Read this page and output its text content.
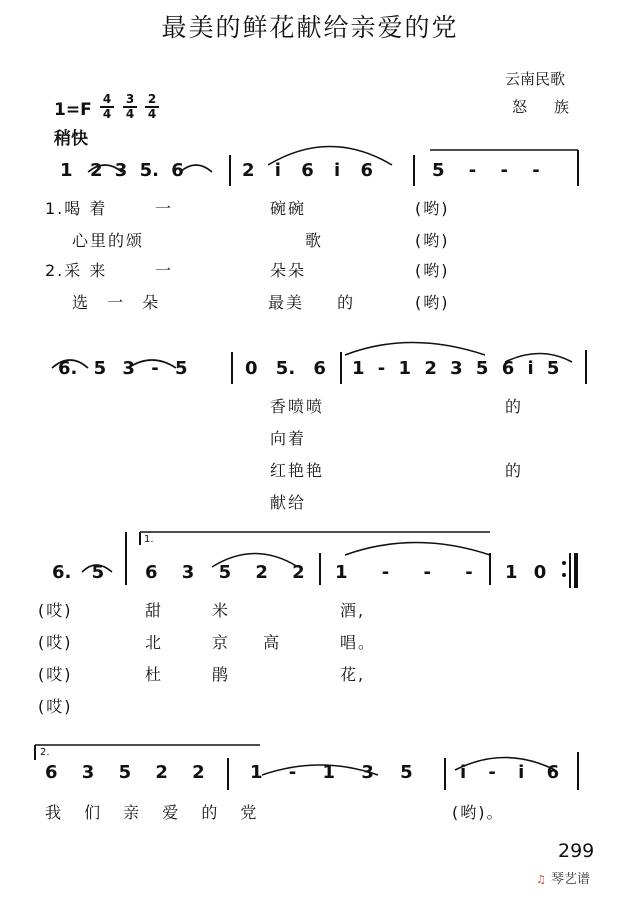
最美的鲜花献给亲爱的党
云南民歌
怒　族
$1=F \frac{4}{4} \frac{3}{4} \frac{2}{4}$
稍快
1 2 3 5. 6	2 i 6 i 6	5 - - -
1.喝 着	一	碗碗	(哟)
心里的颂	歌	(哟)
2.采 来	一	朵朵	(哟)
选 一 朵	最美 的	(哟)
6. 5 3 - 5	0 5. 6 1 - 1 2 3 5 6 i 5
香喷喷	的
向着
红艳艳	的
献给
1.
6. 5 6 3 5 2 2 1 - - - 1 0
(哎)	甜	米	酒,
(哎)	北	京 高	唱。
(哎)	杜	鹃	花,
(哎)
2.
6 3 5 2 2	1 - 1 3 5	i - i 6
我 们 亲 爱 的 党	(哟)。
299
♫ 琴艺谱
